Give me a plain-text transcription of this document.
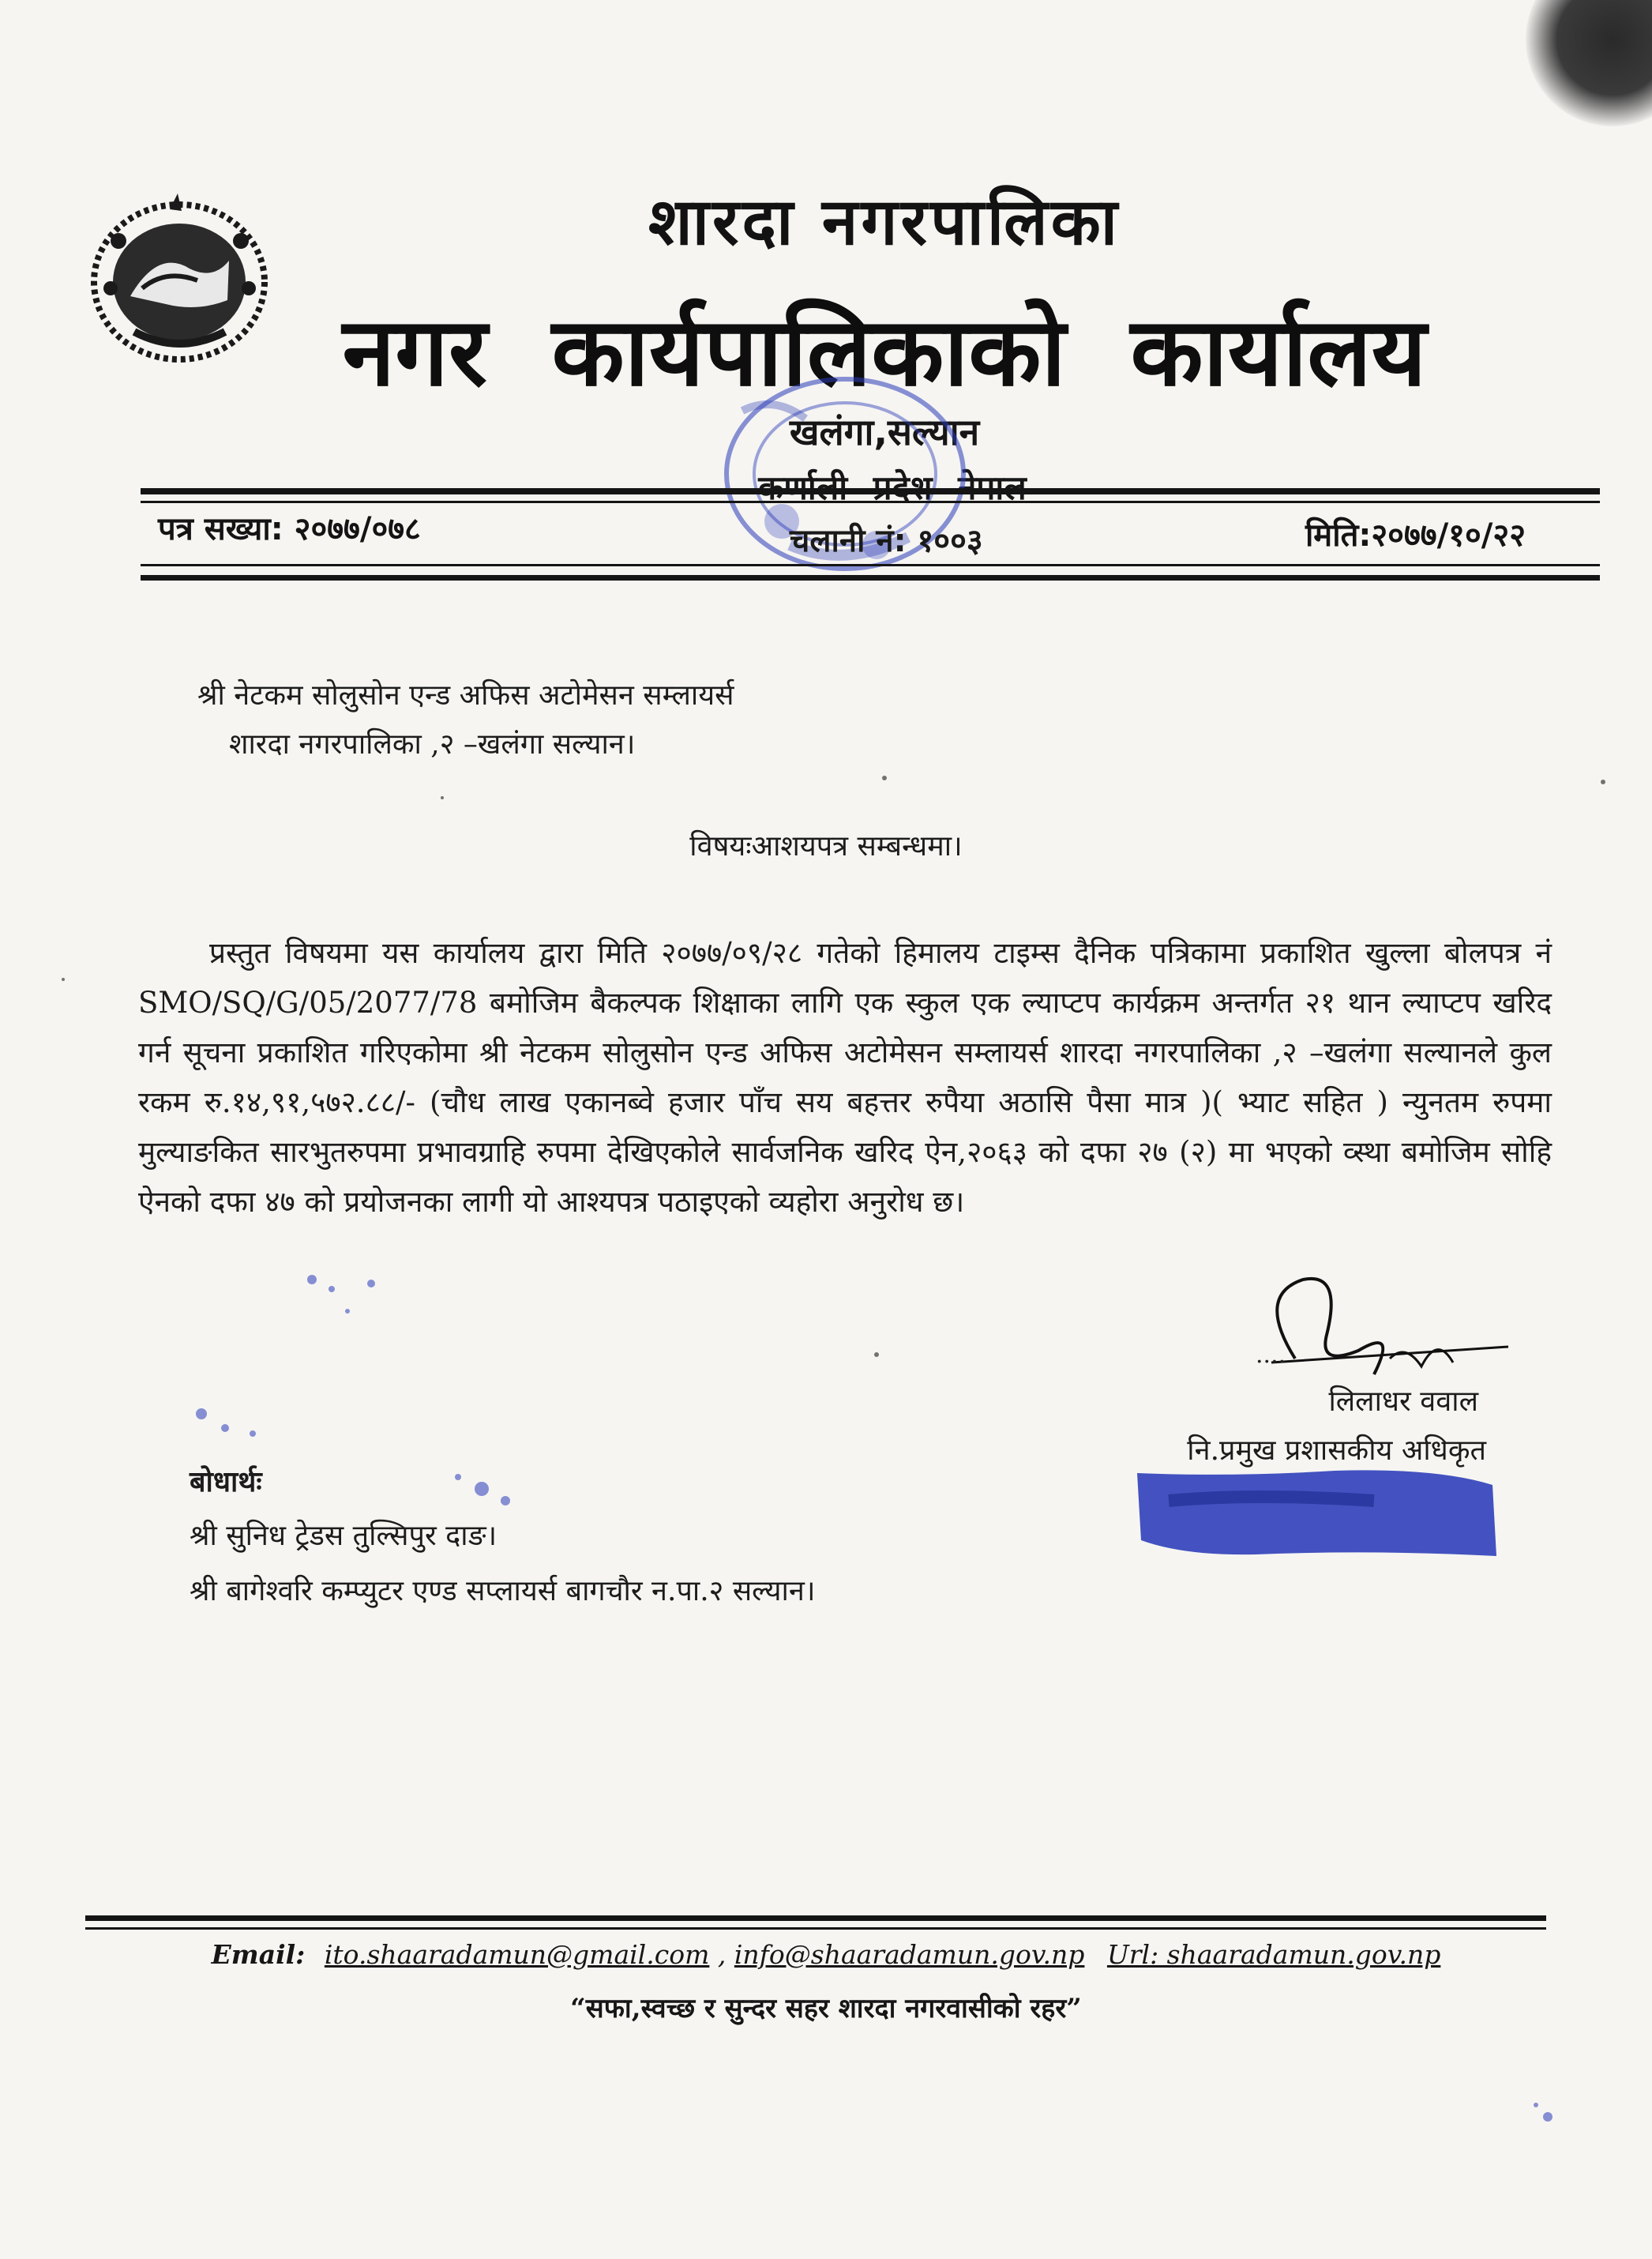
शारदा नगरपालिका
नगर कार्यपालिकाको कार्यालय
खलंगा,सल्यान
पत्र सख्या: २०७७/०७८	चलानी नं: १००३	मिति:२०७७/१०/२२
श्री नेटकम सोलुसोन एन्ड अफिस अटोमेसन सम्लायर्स
शारदा नगरपालिका ,२ –खलंगा सल्यान।
विषयःआशयपत्र सम्बन्धमा।
प्रस्तुत विषयमा यस कार्यालय द्वारा मिति २०७७/०९/२८ गतेको हिमालय टाइम्स दैनिक पत्रिकामा प्रकाशित खुल्ला बोलपत्र नं SMO/SQ/G/05/2077/78 बमोजिम बैकल्पक शिक्षाका लागि एक स्कुल एक ल्याप्टप कार्यक्रम अन्तर्गत २१ थान ल्याप्टप खरिद गर्न सूचना प्रकाशित गरिएकोमा श्री नेटकम सोलुसोन एन्ड अफिस अटोमेसन सम्लायर्स शारदा नगरपालिका ,२ –खलंगा सल्यानले कुल रकम रु.१४,९१,५७२.८८/- (चौध लाख एकानब्वे हजार पाँच सय बहत्तर रुपैया अठासि पैसा मात्र )( भ्याट सहित ) न्युनतम रुपमा मुल्याङकित सारभुतरुपमा प्रभावग्राहि रुपमा देखिएकोले सार्वजनिक खरिद ऐन,२०६३ को दफा २७ (२) मा भएको व्स्था बमोजिम सोहि ऐनको दफा ४७ को प्रयोजनका लागी यो आश्यपत्र पठाइएको व्यहोरा अनुरोध छ।
....
लिलाधर ववाल
नि.प्रमुख प्रशासकीय अधिकृत
बोधार्थः
श्री सुनिध ट्रेडस तुल्सिपुर दाङ।
श्री बागेश्वरि कम्प्युटर एण्ड सप्लायर्स बागचौर न.पा.२ सल्यान।
Email: ito.shaaradamun@gmail.com , info@shaaradamun.gov.np Url: shaaradamun.gov.np
“सफा,स्वच्छ र सुन्दर सहर शारदा नगरवासीको रहर”
